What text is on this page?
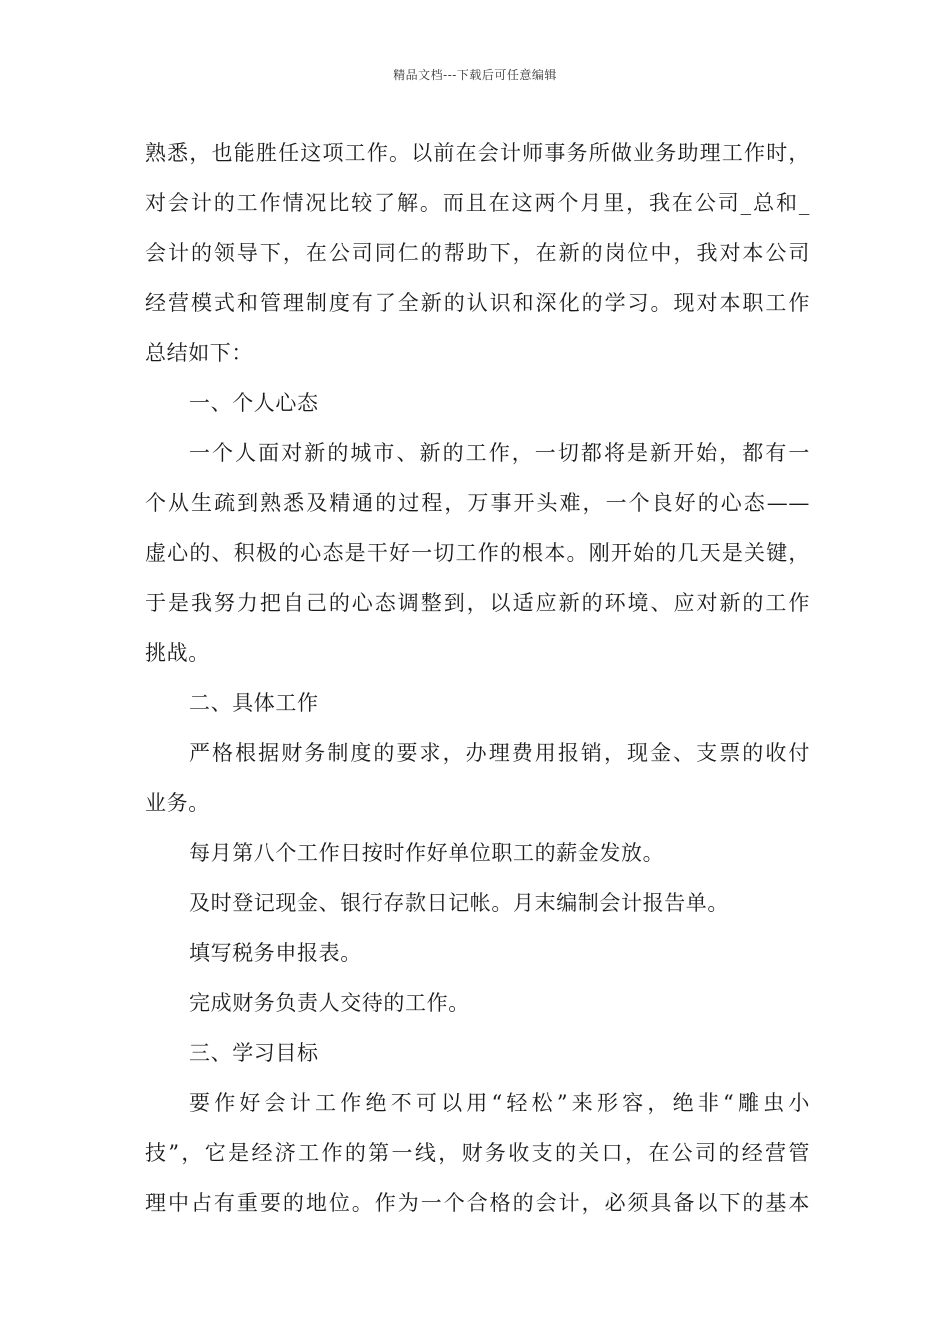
精品文档---下载后可任意编辑
熟悉，也能胜任这项工作。以前在会计师事务所做业务助理工作时，
对会计的工作情况比较了解。而且在这两个月里，我在公司_总和_
会计的领导下，在公司同仁的帮助下，在新的岗位中，我对本公司
经营模式和管理制度有了全新的认识和深化的学习。现对本职工作
总结如下：
一、个人心态
一个人面对新的城市、新的工作，一切都将是新开始，都有一
个从生疏到熟悉及精通的过程，万事开头难，一个良好的心态——
虚心的、积极的心态是干好一切工作的根本。刚开始的几天是关键，
于是我努力把自己的心态调整到，以适应新的环境、应对新的工作
挑战。
二、具体工作
严格根据财务制度的要求，办理费用报销，现金、支票的收付
业务。
每月第八个工作日按时作好单位职工的薪金发放。
及时登记现金、银行存款日记帐。月末编制会计报告单。
填写税务申报表。
完成财务负责人交待的工作。
三、学习目标
要作好会计工作绝不可以用“轻松”来形容，绝非“雕虫小
技”，它是经济工作的第一线，财务收支的关口，在公司的经营管
理中占有重要的地位。作为一个合格的会计，必须具备以下的基本
